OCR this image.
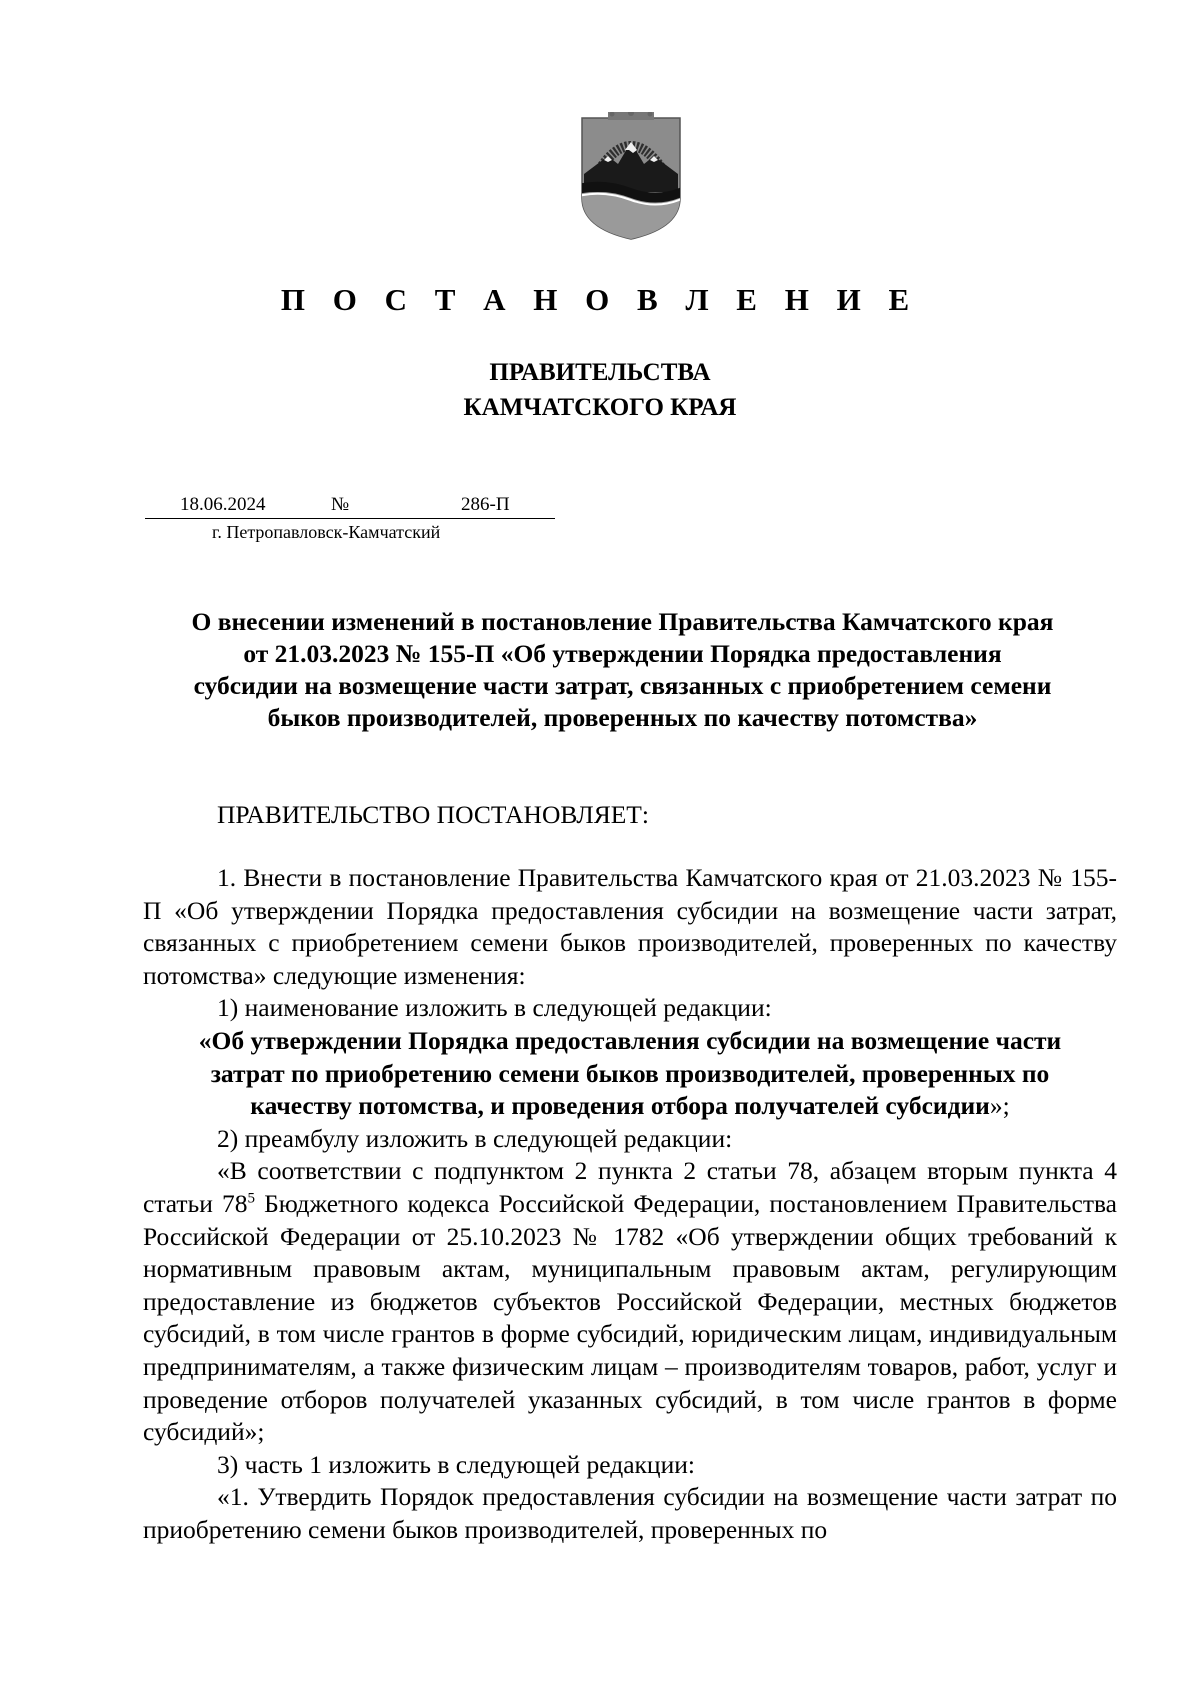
П О С Т А Н О В Л Е Н И Е
ПРАВИТЕЛЬСТВА
КАМЧАТСКОГО КРАЯ
18.06.2024	№	286-П
г. Петропавловск-Камчатский
О внесении изменений в постановление Правительства Камчатского края
от 21.03.2023 № 155-П «Об утверждении Порядка предоставления
субсидии на возмещение части затрат, связанных с приобретением семени
быков производителей, проверенных по качеству потомства»
ПРАВИТЕЛЬСТВО ПОСТАНОВЛЯЕТ:

1. Внести в постановление Правительства Камчатского края от 21.03.2023 № 155-П «Об утверждении Порядка предоставления субсидии на возмещение части затрат, связанных с приобретением семени быков производителей, проверенных по качеству потомства» следующие изменения:

1) наименование изложить в следующей редакции:

«Об утверждении Порядка предоставления субсидии на возмещение части
затрат по приобретению семени быков производителей, проверенных по
качеству потомства, и проведения отбора получателей субсидии»;

2) преамбулу изложить в следующей редакции:

«В соответствии с подпунктом 2 пункта 2 статьи 78, абзацем вторым пункта 4 статьи $78^5$ Бюджетного кодекса Российской Федерации, постановлением Правительства Российской Федерации от 25.10.2023 № 1782 «Об утверждении общих требований к нормативным правовым актам, муниципальным правовым актам, регулирующим предоставление из бюджетов субъектов Российской Федерации, местных бюджетов субсидий, в том числе грантов в форме субсидий, юридическим лицам, индивидуальным предпринимателям, а также физическим лицам – производителям товаров, работ, услуг и проведение отборов получателей указанных субсидий, в том числе грантов в форме субсидий»;

3) часть 1 изложить в следующей редакции:

«1. Утвердить Порядок предоставления субсидии на возмещение части затрат по приобретению семени быков производителей, проверенных по
